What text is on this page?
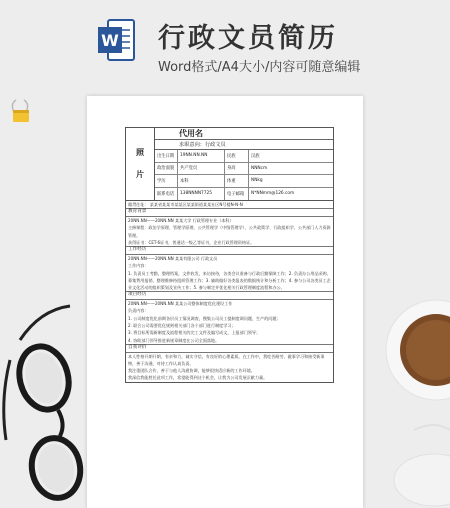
W 行政文员简历
Word格式/A4大小/内容可随意编辑
照
片
代用名
求职意向：行政文员
出生日期	19NN.NN.NN	民族	汉族
政治面貌	共产党员	身高	NNNcm
学历	本科	体重	NNkg
联系电话	138NNNN7725	电子邮箱	N*NNmm@126.com
籍贯住址： 某某省某某市某某区某某街道某某社区N号楼N-N-N
教育背景
20NN.NN——20NN.NN 某某大学 行政管理专业（本科）
主修课程：政治学原理、管理学原理、公共管理学（中级管理学）、公共政策学、行政组织学、公共部门人力资源管理。
获得证书：CET-6证书，普通话一级乙等证书，企业行政管理资格证。
工作经历
20NN.NN——20NN.NN 某某有限公司 行政文员
工作内容：
1. 负责员工考勤，整理档案，文件收发，来访接待，各类会议准备与行政后勤保障工作；2. 负责办公用品采购、募集费用报销，整理维修持组织管理工作；3. 辅助做好各类报表的数据统计和分析工作；4. 参与公司各类员工企业文化活动的组织策划及宣传工作；5. 参与制定并优化相关行政管理制度流程和办公。
项目经历
20NN.NN——20NN.NN 某某公司整体制度优化建设工作
负责内容：
1. 公司制度优化前期各层员工情况调查，搜集公司员工提制度调问题，生产的问题；
2. 联合公司需要优化规则相关部门各个部门进行制度学习；
3. 将目标所需新制度及流程相关的完工文件及编写成文，上报部门领导；
4. 协助部门领导推进新规章制度在公司全面落地。
自我评价
本人性格开朗开朗，有亲和力，诚实守信，有良好的心理素质。在工作中，我吃苦耐劳，做事学习和接受新事物，善于沟通，对待工作认真负责。
我注重团队合作，善于与他人沟通协调，能够很快适应新的工作环境。
我深信我能胜任此项工作，希望能得到这个机会，让我为公司发展贡献力量。
